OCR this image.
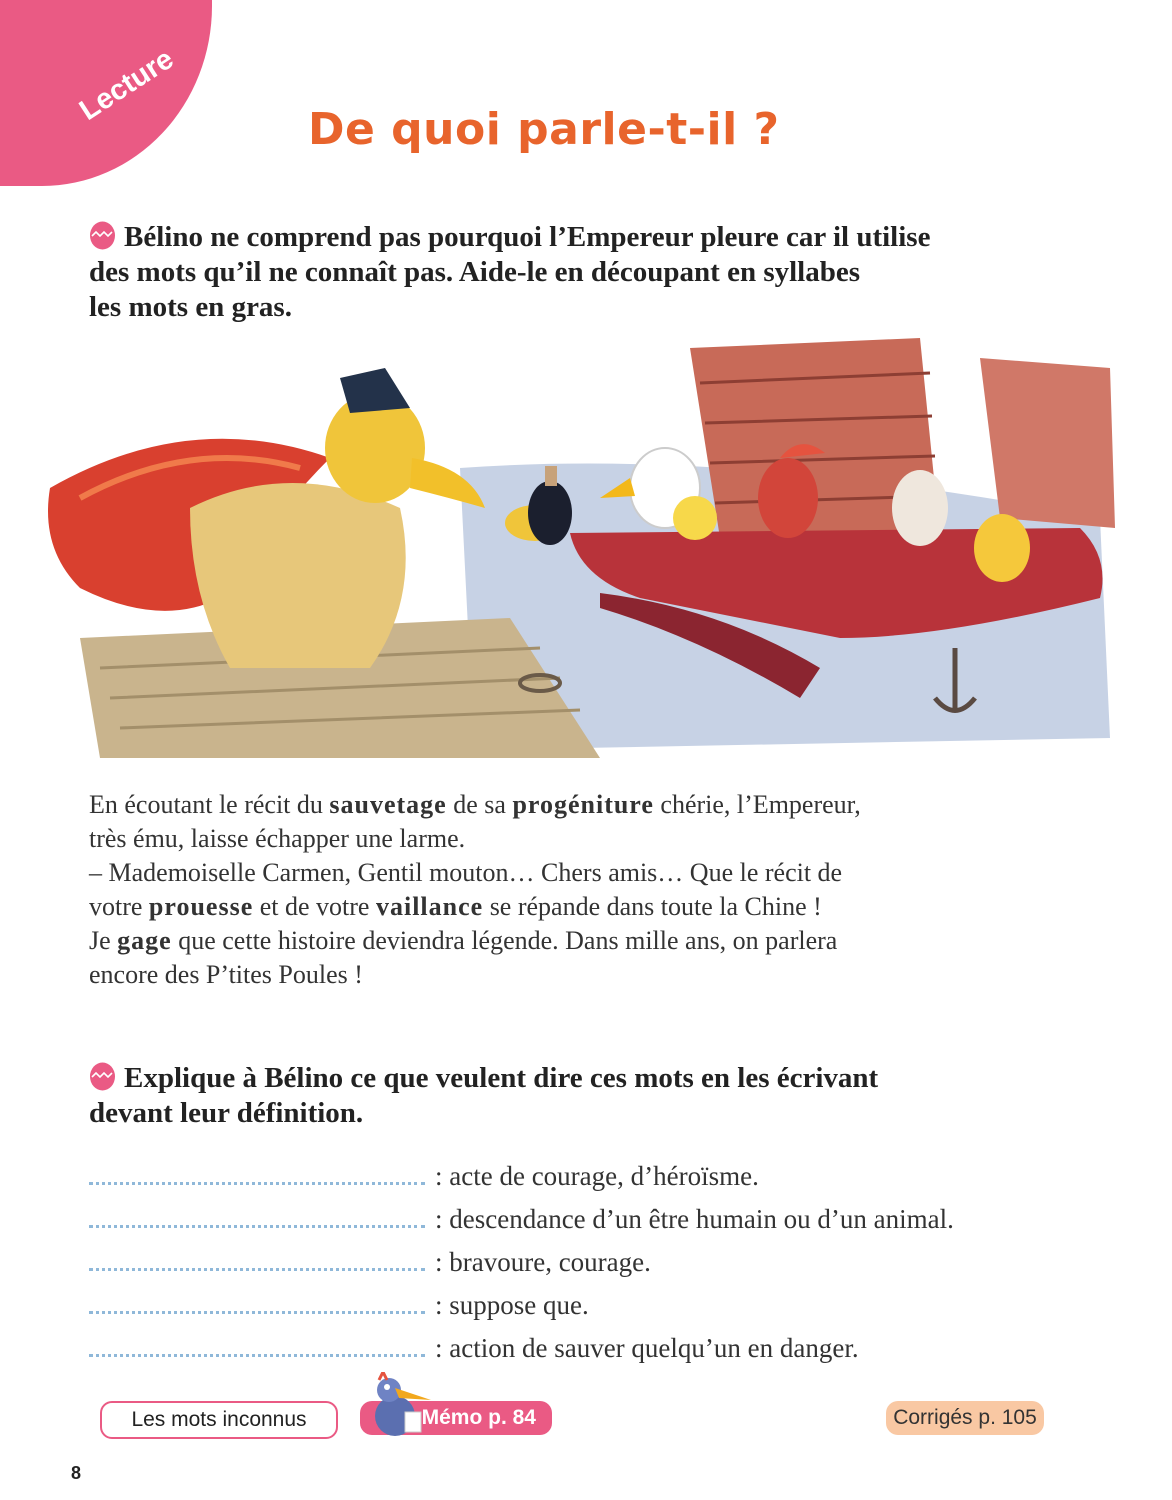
Lecture
De quoi parle-t-il ?
Bélino ne comprend pas pourquoi l’Empereur pleure car il utilise
des mots qu’il ne connaît pas. Aide-le en découpant en syllabes
les mots en gras.

En écoutant le récit du sauvetage de sa progéniture chérie, l’Empereur,

très ému, laisse échapper une larme.

– Mademoiselle Carmen, Gentil mouton… Chers amis… Que le récit de

votre prouesse et de votre vaillance se répande dans toute la Chine !

Je gage que cette histoire deviendra légende. Dans mille ans, on parlera

encore des P’tites Poules !

Explique à Bélino ce que veulent dire ces mots en les écrivant
devant leur définition.
: acte de courage, d’héroïsme.
: descendance d’un être humain ou d’un animal.
: bravoure, courage.
: suppose que.
: action de sauver quelqu’un en danger.
Les mots inconnus	Mémo p. 84	Corrigés p. 105
8
